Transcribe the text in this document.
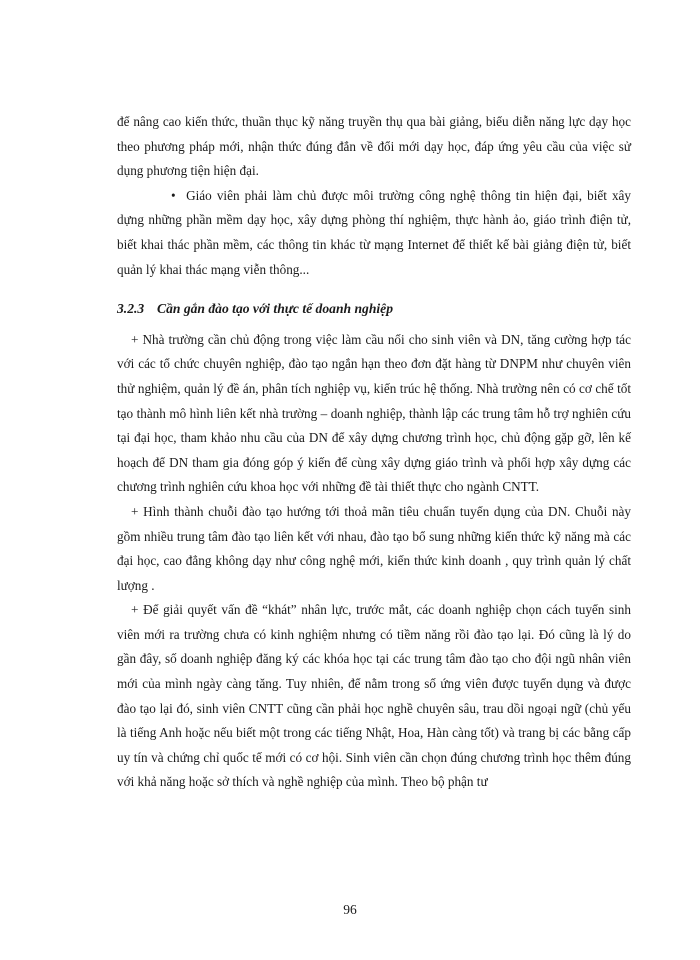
để nâng cao kiến thức, thuần thục kỹ năng truyền thụ qua bài giảng, biểu diễn năng lực dạy học theo phương pháp mới, nhận thức đúng đắn về đổi mới dạy học, đáp ứng yêu cầu của việc sử dụng phương tiện hiện đại.

• Giáo viên phải làm chủ được môi trường công nghệ thông tin hiện đại, biết xây dựng những phần mềm dạy học, xây dựng phòng thí nghiệm, thực hành ảo, giáo trình điện tử, biết khai thác phần mềm, các thông tin khác từ mạng Internet để thiết kế bài giảng điện tử, biết quản lý khai thác mạng viễn thông...

3.2.3 Cần gắn đào tạo với thực tế doanh nghiệp

+ Nhà trường cần chủ động trong việc làm cầu nối cho sinh viên và DN, tăng cường hợp tác với các tổ chức chuyên nghiệp, đào tạo ngắn hạn theo đơn đặt hàng từ DNPM như chuyên viên thử nghiệm, quản lý đề án, phân tích nghiệp vụ, kiến trúc hệ thống. Nhà trường nên có cơ chế tốt tạo thành mô hình liên kết nhà trường – doanh nghiệp, thành lập các trung tâm hỗ trợ nghiên cứu tại đại học, tham khảo nhu cầu của DN để xây dựng chương trình học, chủ động gặp gỡ, lên kế hoạch để DN tham gia đóng góp ý kiến để cùng xây dựng giáo trình và phối hợp xây dựng các chương trình nghiên cứu khoa học với những đề tài thiết thực cho ngành CNTT.

+ Hình thành chuỗi đào tạo hướng tới thoả mãn tiêu chuẩn tuyển dụng của DN. Chuỗi này gồm nhiều trung tâm đào tạo liên kết với nhau, đào tạo bổ sung những kiến thức kỹ năng mà các đại học, cao đẳng không dạy như công nghệ mới, kiến thức kinh doanh , quy trình quản lý chất lượng .

+ Để giải quyết vấn đề “khát” nhân lực, trước mắt, các doanh nghiệp chọn cách tuyển sinh viên mới ra trường chưa có kinh nghiệm nhưng có tiềm năng rồi đào tạo lại. Đó cũng là lý do gần đây, số doanh nghiệp đăng ký các khóa học tại các trung tâm đào tạo cho đội ngũ nhân viên mới của mình ngày càng tăng. Tuy nhiên, để nằm trong số ứng viên được tuyển dụng và được đào tạo lại đó, sinh viên CNTT cũng cần phải học nghề chuyên sâu, trau dồi ngoại ngữ (chủ yếu là tiếng Anh hoặc nếu biết một trong các tiếng Nhật, Hoa, Hàn càng tốt) và trang bị các bằng cấp uy tín và chứng chỉ quốc tế mới có cơ hội. Sinh viên cần chọn đúng chương trình học thêm đúng với khả năng hoặc sở thích và nghề nghiệp của mình. Theo bộ phận tư

96
